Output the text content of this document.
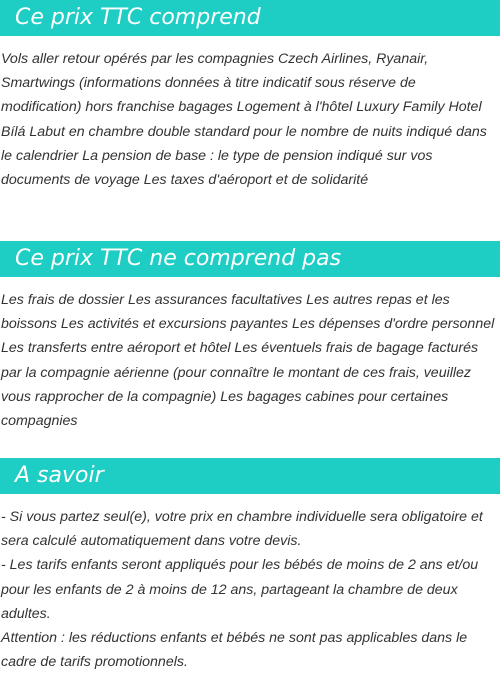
Ce prix TTC comprend

Vols aller retour opérés par les compagnies Czech Airlines, Ryanair, Smartwings (informations données à titre indicatif sous réserve de modification) hors franchise bagages Logement à l'hôtel Luxury Family Hotel Bílá Labut en chambre double standard pour le nombre de nuits indiqué dans le calendrier La pension de base : le type de pension indiqué sur vos documents de voyage Les taxes d'aéroport et de solidarité

Ce prix TTC ne comprend pas

Les frais de dossier Les assurances facultatives Les autres repas et les boissons Les activités et excursions payantes Les dépenses d'ordre personnel Les transferts entre aéroport et hôtel Les éventuels frais de bagage facturés par la compagnie aérienne (pour connaître le montant de ces frais, veuillez vous rapprocher de la compagnie) Les bagages cabines pour certaines compagnies

A savoir

- Si vous partez seul(e), votre prix en chambre individuelle sera obligatoire et sera calculé automatiquement dans votre devis.

- Les tarifs enfants seront appliqués pour les bébés de moins de 2 ans et/ou pour les enfants de 2 à moins de 12 ans, partageant la chambre de deux adultes.

Attention : les réductions enfants et bébés ne sont pas applicables dans le cadre de tarifs promotionnels.
